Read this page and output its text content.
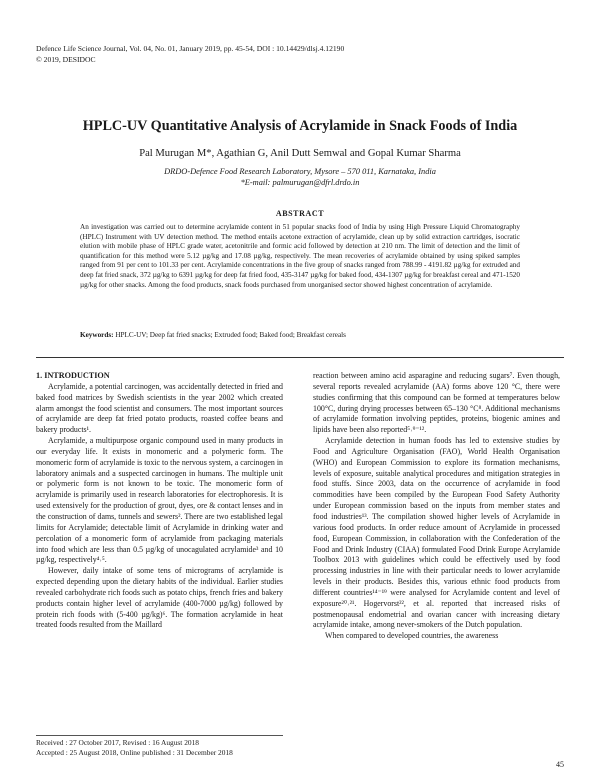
Defence Life Science Journal, Vol. 04, No. 01, January 2019, pp. 45-54, DOI : 10.14429/dlsj.4.12190
© 2019, DESIDOC
HPLC-UV Quantitative Analysis of Acrylamide in Snack Foods of India
Pal Murugan M*, Agathian G, Anil Dutt Semwal and Gopal Kumar Sharma
DRDO-Defence Food Research Laboratory, Mysore – 570 011, Karnataka, India
*E-mail: palmurugan@dfrl.drdo.in
ABSTRACT
An investigation was carried out to determine acrylamide content in 51 popular snacks food of India by using High Pressure Liquid Chromatography (HPLC) Instrument with UV detection method. The method entails acetone extraction of acrylamide, clean up by solid extraction cartridges, isocratic elution with mobile phase of HPLC grade water, acetonitrile and formic acid followed by detection at 210 nm. The limit of detection and the limit of quantification for this method were 5.12 µg/kg and 17.08 µg/kg, respectively. The mean recoveries of acrylamide obtained by using spiked samples ranged from 91 per cent to 101.33 per cent. Acrylamide concentrations in the five group of snacks ranged from 788.99 - 4191.82 µg/kg for extruded and deep fat fried snack, 372 µg/kg to 6391 µg/kg for deep fat fried food, 435-3147 µg/kg for baked food, 434-1307 µg/kg for breakfast cereal and 471-1520 µg/kg for other snacks. Among the food products, snack foods purchased from unorganised sector showed highest concentration of acrylamide.
Keywords: HPLC-UV; Deep fat fried snacks; Extruded food; Baked food; Breakfast cereals

1. INTRODUCTION

Acrylamide, a potential carcinogen, was accidentally detected in fried and baked food matrices by Swedish scientists in the year 2002 which created alarm amongst the food scientist and consumers. The most important sources of acrylamide are deep fat fried potato products, roasted coffee beans and bakery products¹.

Acrylamide, a multipurpose organic compound used in many products in our everyday life. It exists in monomeric and a polymeric form. The monomeric form of acrylamide is toxic to the nervous system, a carcinogen in laboratory animals and a suspected carcinogen in humans. The multiple unit or polymeric form is not known to be toxic. The monomeric form of acrylamide is primarily used in research laboratories for electrophoresis. It is used extensively for the production of grout, dyes, ore & contact lenses and in the construction of dams, tunnels and sewers². There are two established legal limits for Acrylamide; detectable limit of Acrylamide in drinking water and percolation of a monomeric form of acrylamide from packaging materials into food which are less than 0.5 µg/kg of unocagulated acrylamide³ and 10 µg/kg, respectively⁴˒⁵.

However, daily intake of some tens of micrograms of acrylamide is expected depending upon the dietary habits of the individual. Earlier studies revealed carbohydrate rich foods such as potato chips, french fries and bakery products contain higher level of acrylamide (400-7000 µg/kg) followed by protein rich foods with (5-400 µg/kg)⁶. The formation acrylamide in heat treated foods resulted from the Maillard

reaction between amino acid asparagine and reducing sugars⁷. Even though, several reports revealed acrylamide (AA) forms above 120 °C, there were studies confirming that this compound can be formed at temperatures below 100°C, during drying processes between 65–130 °C⁸. Additional mechanisms of acrylamide formation involving peptides, proteins, biogenic amines and lipids have been also reported⁵˒⁹⁻¹².

Acrylamide detection in human foods has led to extensive studies by Food and Agriculture Organisation (FAO), World Health Organisation (WHO) and European Commission to explore its formation mechanisms, levels of exposure, suitable analytical procedures and mitigation strategies in food stuffs. Since 2003, data on the occurrence of acrylamide in food commodities have been compiled by the European Food Safety Authority under European commission based on the inputs from member states and food industries¹³. The compilation showed higher levels of Acrylamide in various food products. In order reduce amount of Acrylamide in processed food, European Commission, in collaboration with the Confederation of the Food and Drink Industry (CIAA) formulated Food Drink Europe Acrylamide Toolbox 2013 with guidelines which could be effectively used by food processing industries in line with their particular needs to lower acrylamide levels in their products. Besides this, various ethnic food products from different countries¹⁴⁻¹⁹ were analysed for Acrylamide content and level of exposure²⁰˒²¹. Hogervorst²², et al. reported that increased risks of postmenopausal endometrial and ovarian cancer with increasing dietary acrylamide intake, among never-smokers of the Dutch population.

When compared to developed countries, the awareness

Received : 27 October 2017, Revised : 16 August 2018
Accepted : 25 August 2018, Online published : 31 December 2018
45
